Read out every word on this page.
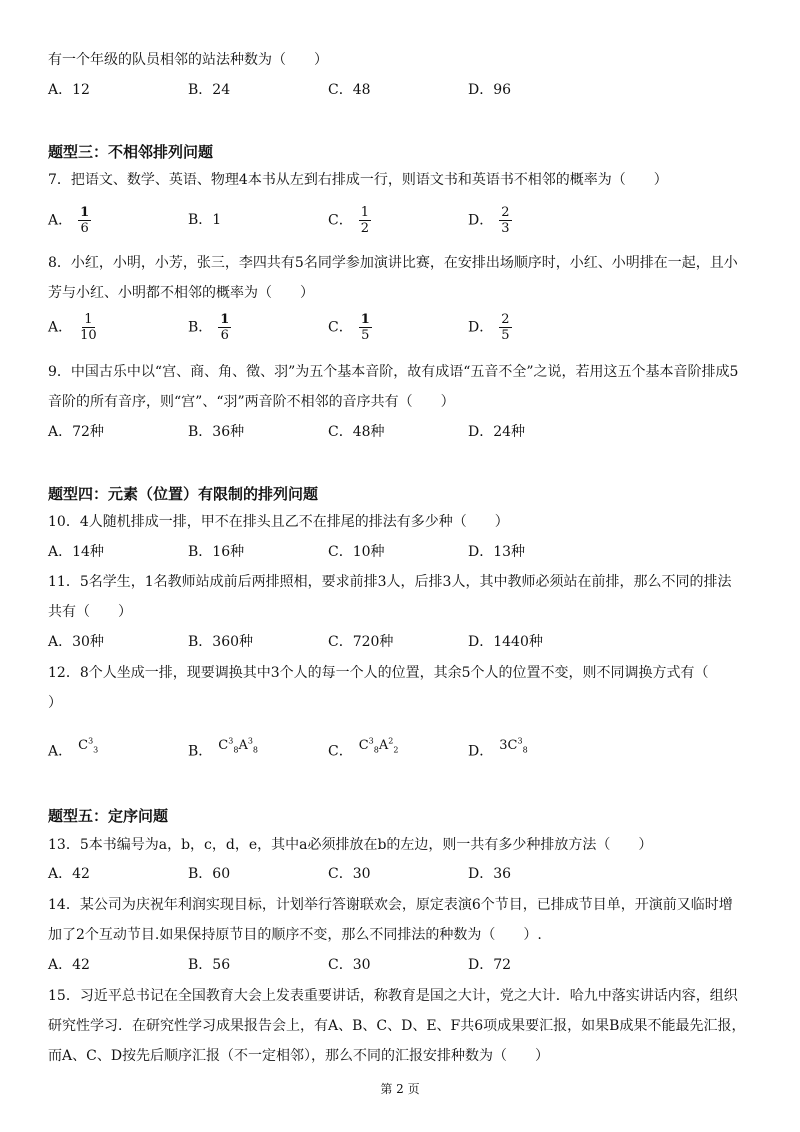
有一个年级的队员相邻的站法种数为（　　）
A．12	B．24	C．48	D．96
题型三：不相邻排列问题
7．把语文、数学、英语、物理4本书从左到右排成一行，则语文书和英语书不相邻的概率为（　　）
A． $\frac{1}{6}$	B．1	C． $\frac{1}{2}$	D． $\frac{2}{3}$
8．小红，小明，小芳，张三，李四共有5名同学参加演讲比赛，在安排出场顺序时，小红、小明排在一起，且小
芳与小红、小明都不相邻的概率为（　　）
A． $\frac{1}{10}$	B． $\frac{1}{6}$	C． $\frac{1}{5}$	D． $\frac{2}{5}$
9．中国古乐中以“宫、商、角、徵、羽”为五个基本音阶，故有成语“五音不全”之说，若用这五个基本音阶排成5
音阶的所有音序，则“宫”、“羽”两音阶不相邻的音序共有（　　）
A．72种	B．36种	C．48种	D．24种
题型四：元素（位置）有限制的排列问题
10．4人随机排成一排，甲不在排头且乙不在排尾的排法有多少种（　　）
A．14种	B．16种	C．10种	D．13种
11．5名学生，1名教师站成前后两排照相，要求前排3人，后排3人，其中教师必须站在前排，那么不同的排法
共有（　　）
A．30种	B．360种	C．720种	D．1440种
12．8个人坐成一排，现要调换其中3个人的每一个人的位置，其余5个人的位置不变，则不同调换方式有（
）
A． $C^3_3$	B． $C^3_8A^3_8$	C． $C^3_8A^2_2$	D． $3C^3_8$
题型五：定序问题
13．5本书编号为a，b，c，d，e，其中a必须排放在b的左边，则一共有多少种排放方法（　　）
A．42	B．60	C．30	D．36
14．某公司为庆祝年利润实现目标，计划举行答谢联欢会，原定表演6个节目，已排成节目单，开演前又临时增
加了2个互动节目.如果保持原节目的顺序不变，那么不同排法的种数为（　　）.
A．42	B．56	C．30	D．72
15．习近平总书记在全国教育大会上发表重要讲话，称教育是国之大计，党之大计．哈九中落实讲话内容，组织
研究性学习．在研究性学习成果报告会上，有A、B、C、D、E、F共6项成果要汇报，如果B成果不能最先汇报，
而A、C、D按先后顺序汇报（不一定相邻），那么不同的汇报安排种数为（　　）
第 2 页
